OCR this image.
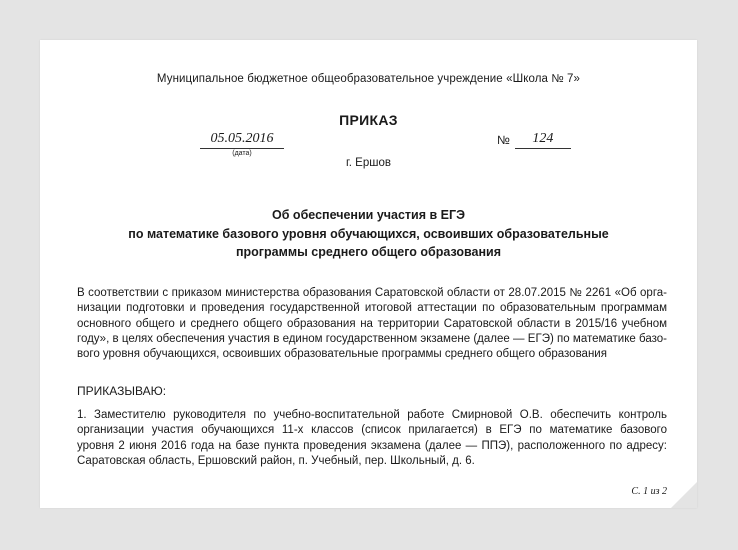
Муниципальное бюджетное общеобразовательное учреждение «Школа № 7»
ПРИКАЗ
05.05.2016
(дата)
№	124
г. Ершов
Об обеспечении участия в ЕГЭ
по математике базового уровня обучающихся, освоивших образовательные
программы среднего общего образования
В соответствии с приказом министерства образования Саратовской области от 28.07.2015 № 2261 «Об орга-
низации подготовки и проведения государственной итоговой аттестации по образовательным программам
основного общего и среднего общего образования на территории Саратовской области в 2015/16 учебном
году», в целях обеспечения участия в едином государственном экзамене (далее — ЕГЭ) по математике базо-
вого уровня обучающихся, освоивших образовательные программы среднего общего образования
ПРИКАЗЫВАЮ:
1. Заместителю руководителя по учебно-воспитательной работе Смирновой О.В. обеспечить контроль
организации участия обучающихся 11-х классов (список прилагается) в ЕГЭ по математике базового
уровня 2 июня 2016 года на базе пункта проведения экзамена (далее — ППЭ), расположенного по адресу:
Саратовская область, Ершовский район, п. Учебный, пер. Школьный, д. 6.
С. 1 из 2
